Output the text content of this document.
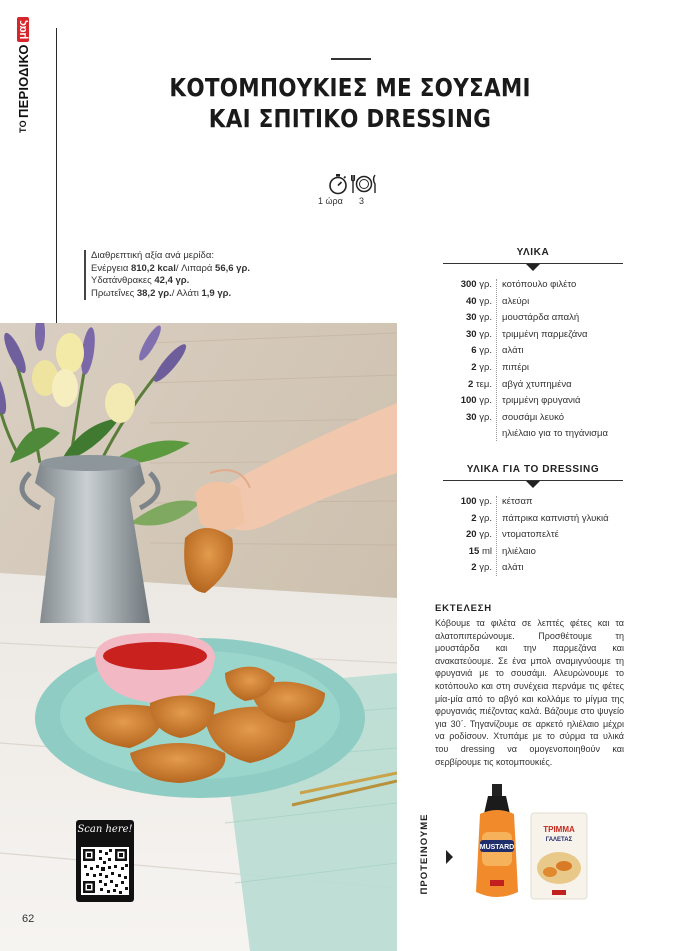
ΤΟ
ΠΕΡΙΟΔΙΚΟ
μας
ΚΟΤΟΜΠΟΥΚΙΕΣ ΜΕ ΣΟΥΣΑΜΙ
ΚΑΙ ΣΠΙΤΙΚΟ DRESSING
1 ώρα 3
Διαθρεπτική αξία ανά μερίδα:
Ενέργεια 810,2 kcal/ Λιπαρά 56,6 γρ.
Υδατάνθρακες 42,4 γρ.
Πρωτεΐνες 38,2 γρ./ Αλάτι 1,9 γρ.
ΥΛΙΚΑ
300 γρ. κοτόπουλο φιλέτο
40 γρ. αλεύρι
30 γρ. μουστάρδα απαλή
30 γρ. τριμμένη παρμεζάνα
6 γρ. αλάτι
2 γρ. πιπέρι
2 τεμ. αβγά χτυπημένα
100 γρ. τριμμένη φρυγανιά
30 γρ. σουσάμι λευκό
ηλιέλαιο για το τηγάνισμα
ΥΛΙΚΑ ΓΙΑ ΤΟ DRESSING
100 γρ. κέτσαπ
2 γρ. πάπρικα καπνιστή γλυκιά
20 γρ. ντοματοπελτέ
15 ml ηλιέλαιο
2 γρ. αλάτι
ΕΚΤΕΛΕΣΗ
Κόβουμε τα φιλέτα σε λεπτές φέτες και τα αλατοπιπερώνουμε. Προσθέτουμε τη μουστάρδα και την παρμεζάνα και ανακατεύουμε. Σε ένα μπολ αναμιγνύουμε τη φρυγανιά με το σουσάμι. Αλευρώνουμε το κοτόπουλο και στη συνέχεια περνάμε τις φέτες μία-μία από το αβγό και κολλάμε το μίγμα της φρυγανιάς πιέζοντας καλά. Βάζουμε στο ψυγείο για 30΄. Τηγανίζουμε σε αρκετό ηλιέλαιο μέχρι να ροδίσουν. Χτυπάμε με το σύρμα τα υλικά του dressing να ομογενοποιηθούν και σερβίρουμε τις κοτομπουκιές.
ΠΡΟΤΕΙΝΟΥΜΕ	MUSTARD
ΤΡΙΜΜΑ
ΓΑΛΕΤΑΣ
Scan here!
62
